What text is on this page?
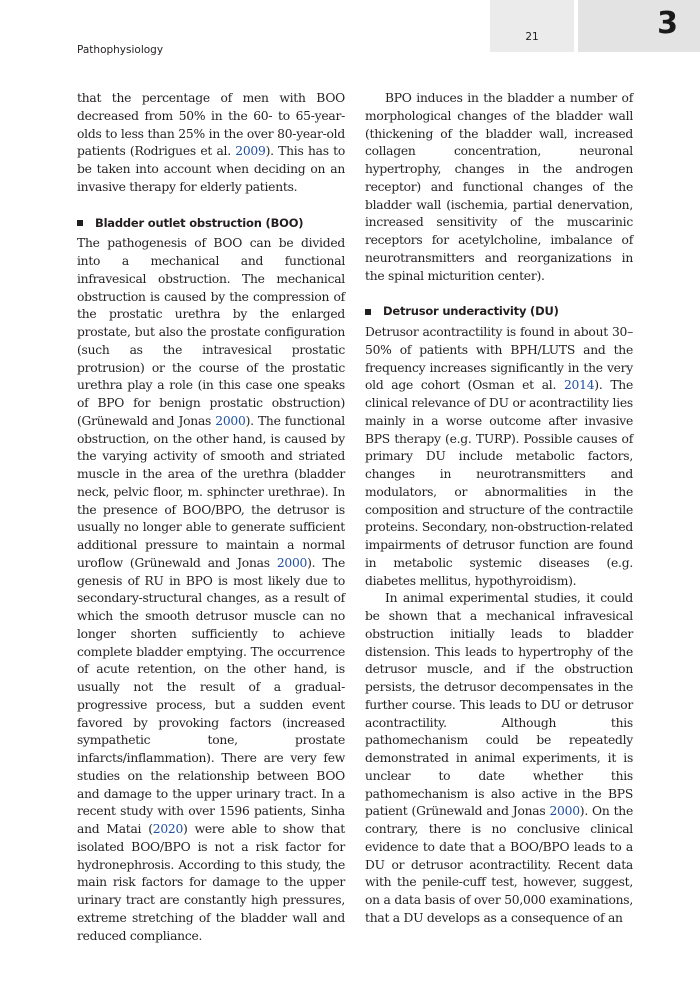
21	3
Pathophysiology

that the percentage of men with BOO decreased from 50% in the 60- to 65-year-olds to less than 25% in the over 80-year-old patients (Rodrigues et al. 2009). This has to be taken into account when deciding on an invasive therapy for elderly patients.

Bladder outlet obstruction (BOO)

The pathogenesis of BOO can be divided into a mechanical and functional infravesical obstruction. The mechanical obstruction is caused by the compression of the prostatic urethra by the enlarged prostate, but also the prostate configuration (such as the intravesical prostatic protrusion) or the course of the prostatic urethra play a role (in this case one speaks of BPO for benign prostatic obstruction) (Grünewald and Jonas 2000). The functional obstruction, on the other hand, is caused by the varying activity of smooth and striated muscle in the area of the urethra (bladder neck, pelvic floor, m. sphincter urethrae). In the presence of BOO/BPO, the detrusor is usually no longer able to generate sufficient additional pressure to maintain a normal uroflow (Grünewald and Jonas 2000). The genesis of RU in BPO is most likely due to secondary-structural changes, as a result of which the smooth detrusor muscle can no longer shorten sufficiently to achieve complete bladder emptying. The occurrence of acute retention, on the other hand, is usually not the result of a gradual-progressive process, but a sudden event favored by provoking factors (increased sympathetic tone, prostate infarcts/inflammation). There are very few studies on the relationship between BOO and damage to the upper urinary tract. In a recent study with over 1596 patients, Sinha and Matai (2020) were able to show that isolated BOO/BPO is not a risk factor for hydronephrosis. According to this study, the main risk factors for damage to the upper urinary tract are constantly high pressures, extreme stretching of the bladder wall and reduced compliance.

BPO induces in the bladder a number of morphological changes of the bladder wall (thickening of the bladder wall, increased collagen concentration, neuronal hypertrophy, changes in the androgen receptor) and functional changes of the bladder wall (ischemia, partial denervation, increased sensitivity of the muscarinic receptors for acetylcholine, imbalance of neurotransmitters and reorganizations in the spinal micturition center).

Detrusor underactivity (DU)

Detrusor acontractility is found in about 30–50% of patients with BPH/LUTS and the frequency increases significantly in the very old age cohort (Osman et al. 2014). The clinical relevance of DU or acontractility lies mainly in a worse outcome after invasive BPS therapy (e.g. TURP). Possible causes of primary DU include metabolic factors, changes in neurotransmitters and modulators, or abnormalities in the composition and structure of the contractile proteins. Secondary, non-obstruction-related impairments of detrusor function are found in metabolic systemic diseases (e.g. diabetes mellitus, hypothyroidism).

In animal experimental studies, it could be shown that a mechanical infravesical obstruction initially leads to bladder distension. This leads to hypertrophy of the detrusor muscle, and if the obstruction persists, the detrusor decompensates in the further course. This leads to DU or detrusor acontractility. Although this pathomechanism could be repeatedly demonstrated in animal experiments, it is unclear to date whether this pathomechanism is also active in the BPS patient (Grünewald and Jonas 2000). On the contrary, there is no conclusive clinical evidence to date that a BOO/BPO leads to a DU or detrusor acontractility. Recent data with the penile-cuff test, however, suggest, on a data basis of over 50,000 examinations, that a DU develops as a consequence of an
